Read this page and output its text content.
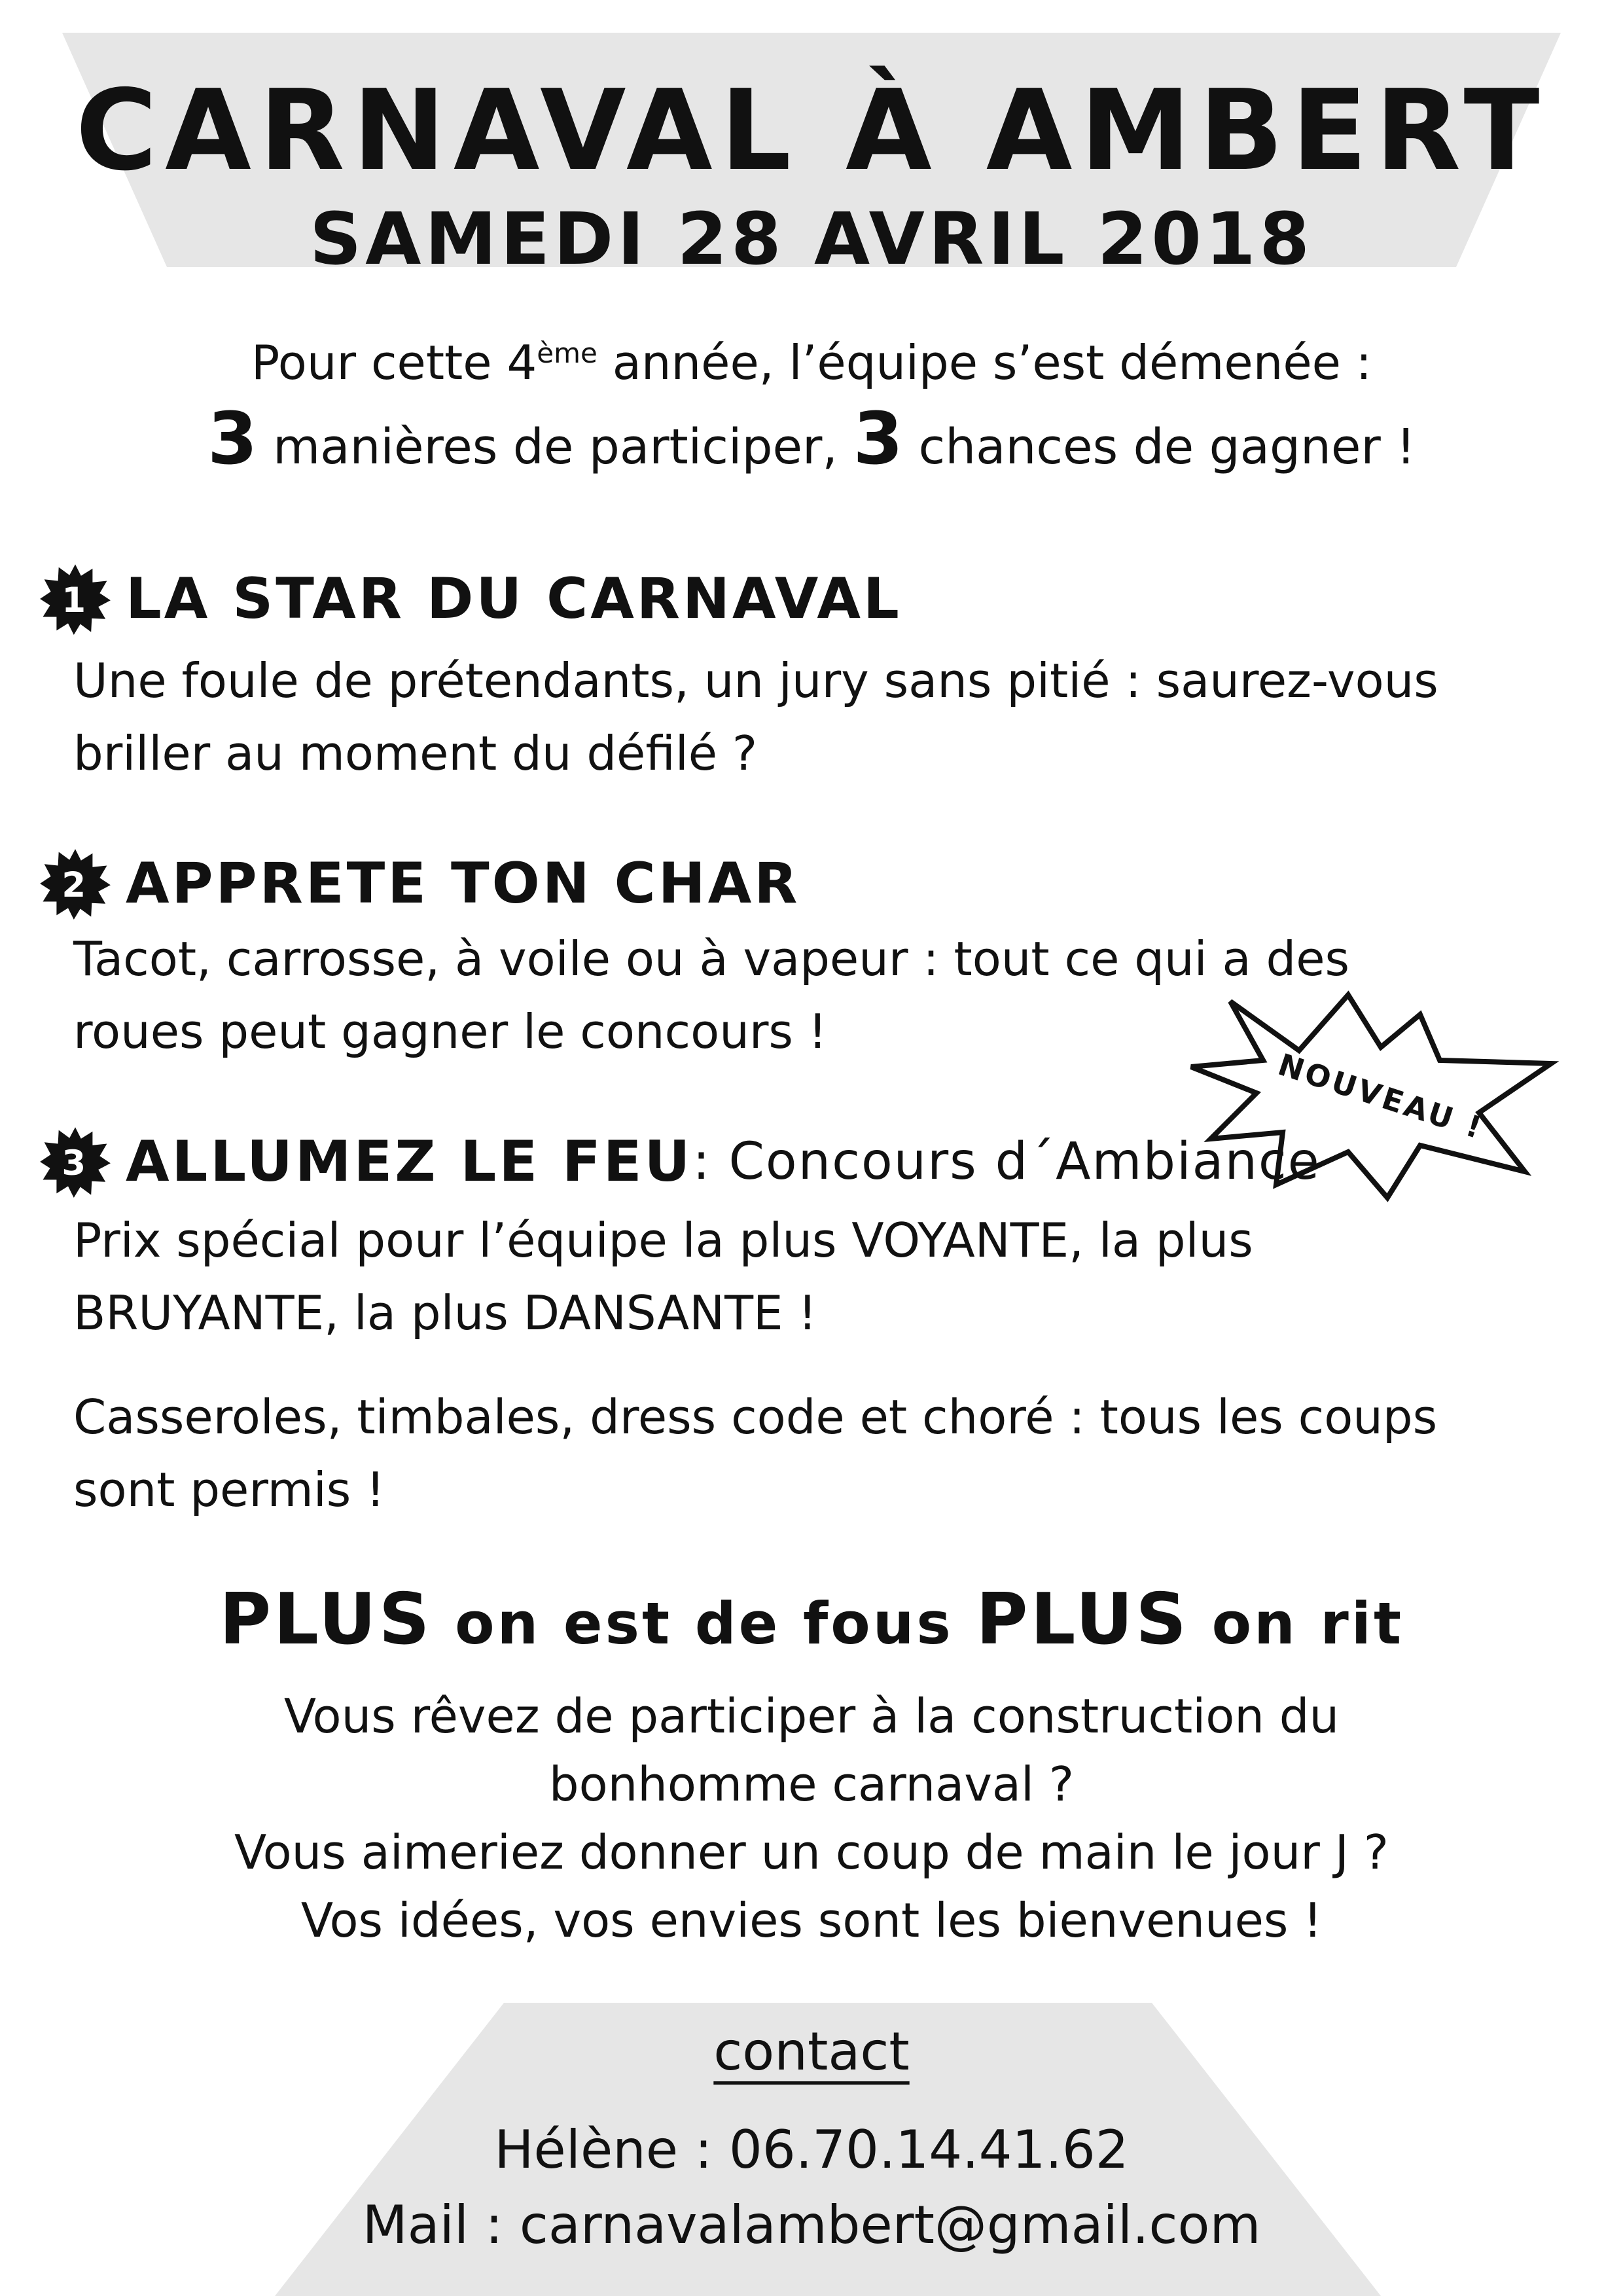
CARNAVAL À AMBERT
SAMEDI 28 AVRIL 2018
Pour cette 4ème année, l’équipe s’est démenée :
3 manières de participer, 3 chances de gagner !
1 LA STAR DU CARNAVAL
Une foule de prétendants, un jury sans pitié : saurez-vous
briller au moment du défilé ?
2 APPRETE TON CHAR
Tacot, carrosse, à voile ou à vapeur : tout ce qui a des
roues peut gagner le concours !
NOUVEAU !
3 ALLUMEZ LE FEU : Concours d´Ambiance
Prix spécial pour l’équipe la plus VOYANTE, la plus
BRUYANTE, la plus DANSANTE !
Casseroles, timbales, dress code et choré : tous les coups
sont permis !
PLUS on est de fous PLUS on rit
Vous rêvez de participer à la construction du
bonhomme carnaval ?
Vous aimeriez donner un coup de main le jour J ?
Vos idées, vos envies sont les bienvenues !
contact
Hélène : 06.70.14.41.62
Mail : carnavalambert@gmail.com
